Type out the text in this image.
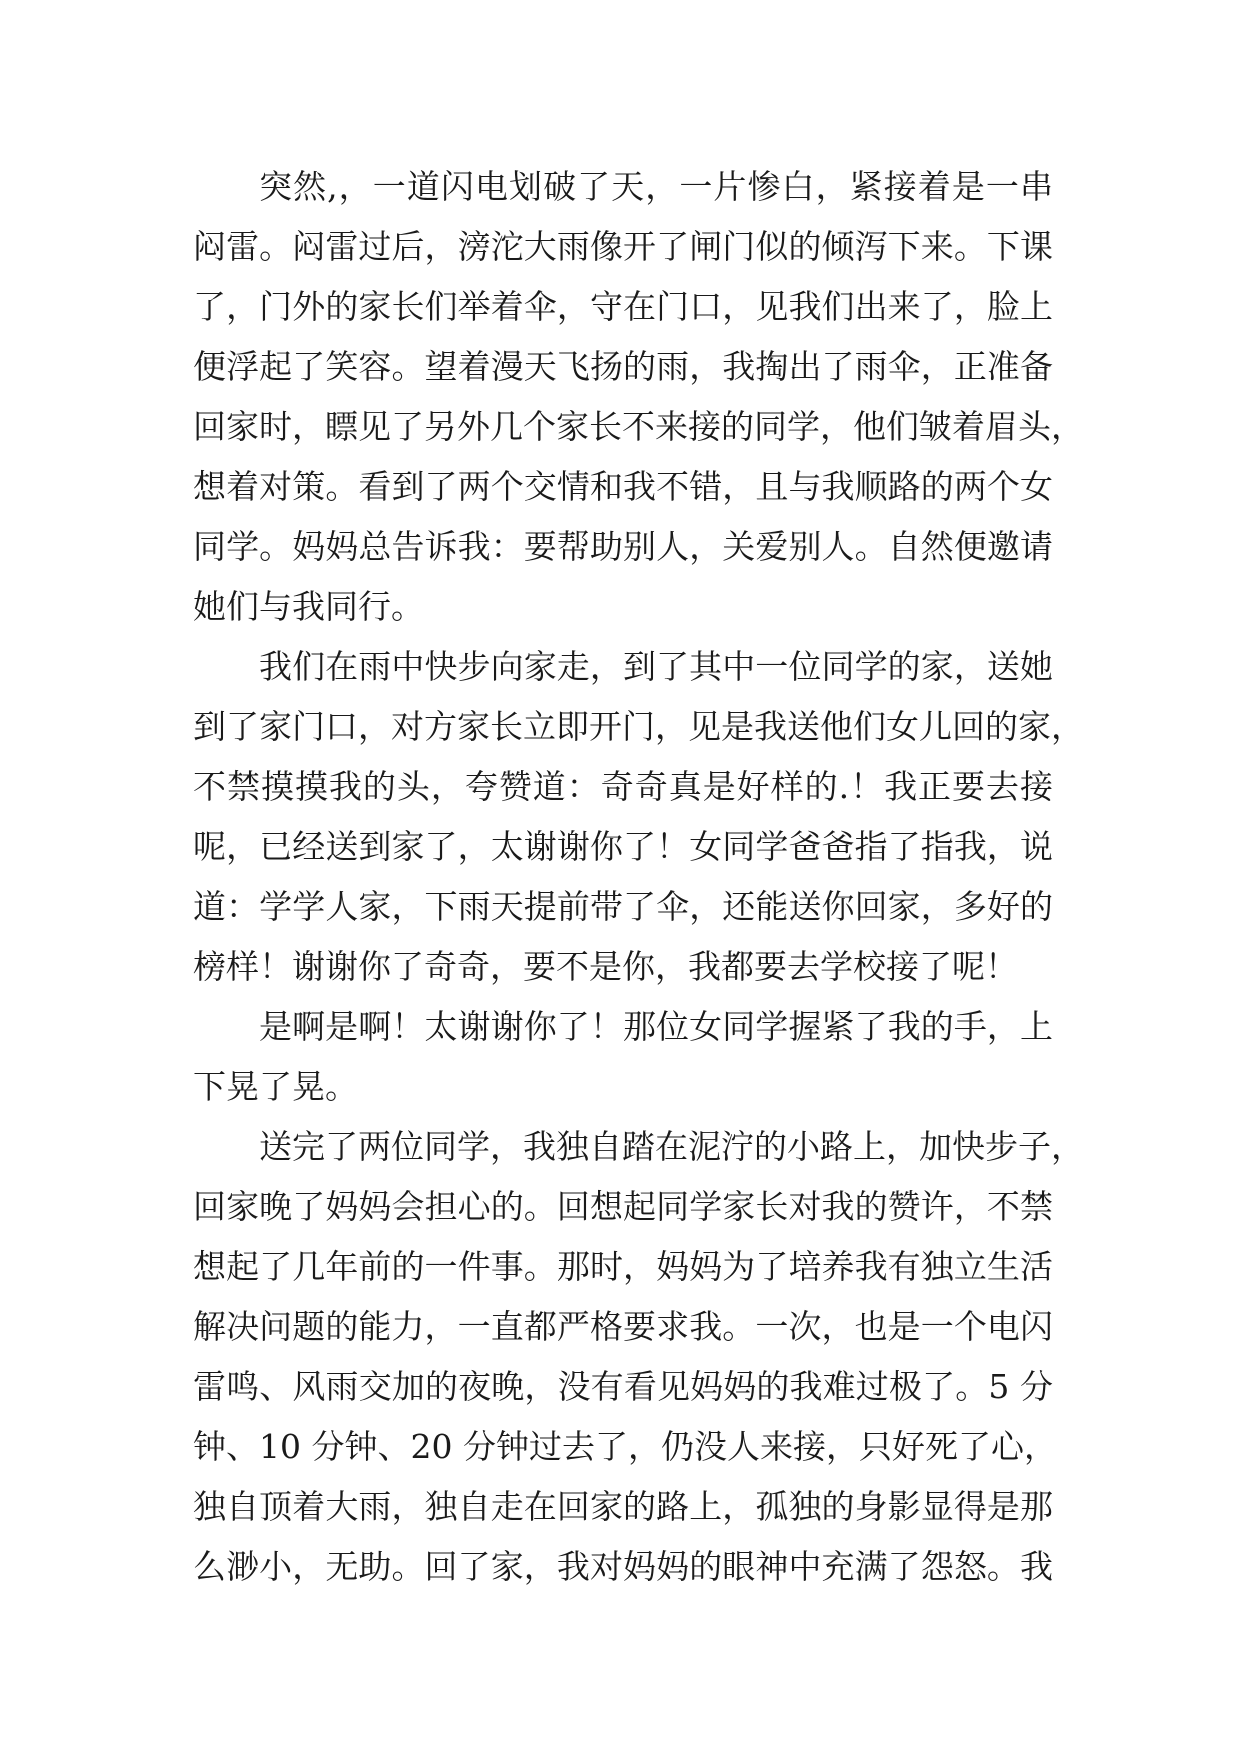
突然,，一道闪电划破了天，一片惨白，紧接着是一串
闷雷。闷雷过后，滂沱大雨像开了闸门似的倾泻下来。下课
了，门外的家长们举着伞，守在门口，见我们出来了，脸上
便浮起了笑容。望着漫天飞扬的雨，我掏出了雨伞，正准备
回家时，瞟见了另外几个家长不来接的同学，他们皱着眉头，
想着对策。看到了两个交情和我不错，且与我顺路的两个女
同学。妈妈总告诉我：要帮助别人，关爱别人。自然便邀请
她们与我同行。
我们在雨中快步向家走，到了其中一位同学的家，送她
到了家门口，对方家长立即开门，见是我送他们女儿回的家，
不禁摸摸我的头，夸赞道：奇奇真是好样的.！我正要去接
呢，已经送到家了，太谢谢你了！女同学爸爸指了指我，说
道：学学人家，下雨天提前带了伞，还能送你回家，多好的
榜样！谢谢你了奇奇，要不是你，我都要去学校接了呢！
是啊是啊！太谢谢你了！那位女同学握紧了我的手，上
下晃了晃。
送完了两位同学，我独自踏在泥泞的小路上，加快步子，
回家晚了妈妈会担心的。回想起同学家长对我的赞许，不禁
想起了几年前的一件事。那时，妈妈为了培养我有独立生活
解决问题的能力，一直都严格要求我。一次，也是一个电闪
雷鸣、风雨交加的夜晚，没有看见妈妈的我难过极了。5 分
钟、10 分钟、20 分钟过去了，仍没人来接，只好死了心，
独自顶着大雨，独自走在回家的路上，孤独的身影显得是那
么渺小，无助。回了家，我对妈妈的眼神中充满了怨怒。我
